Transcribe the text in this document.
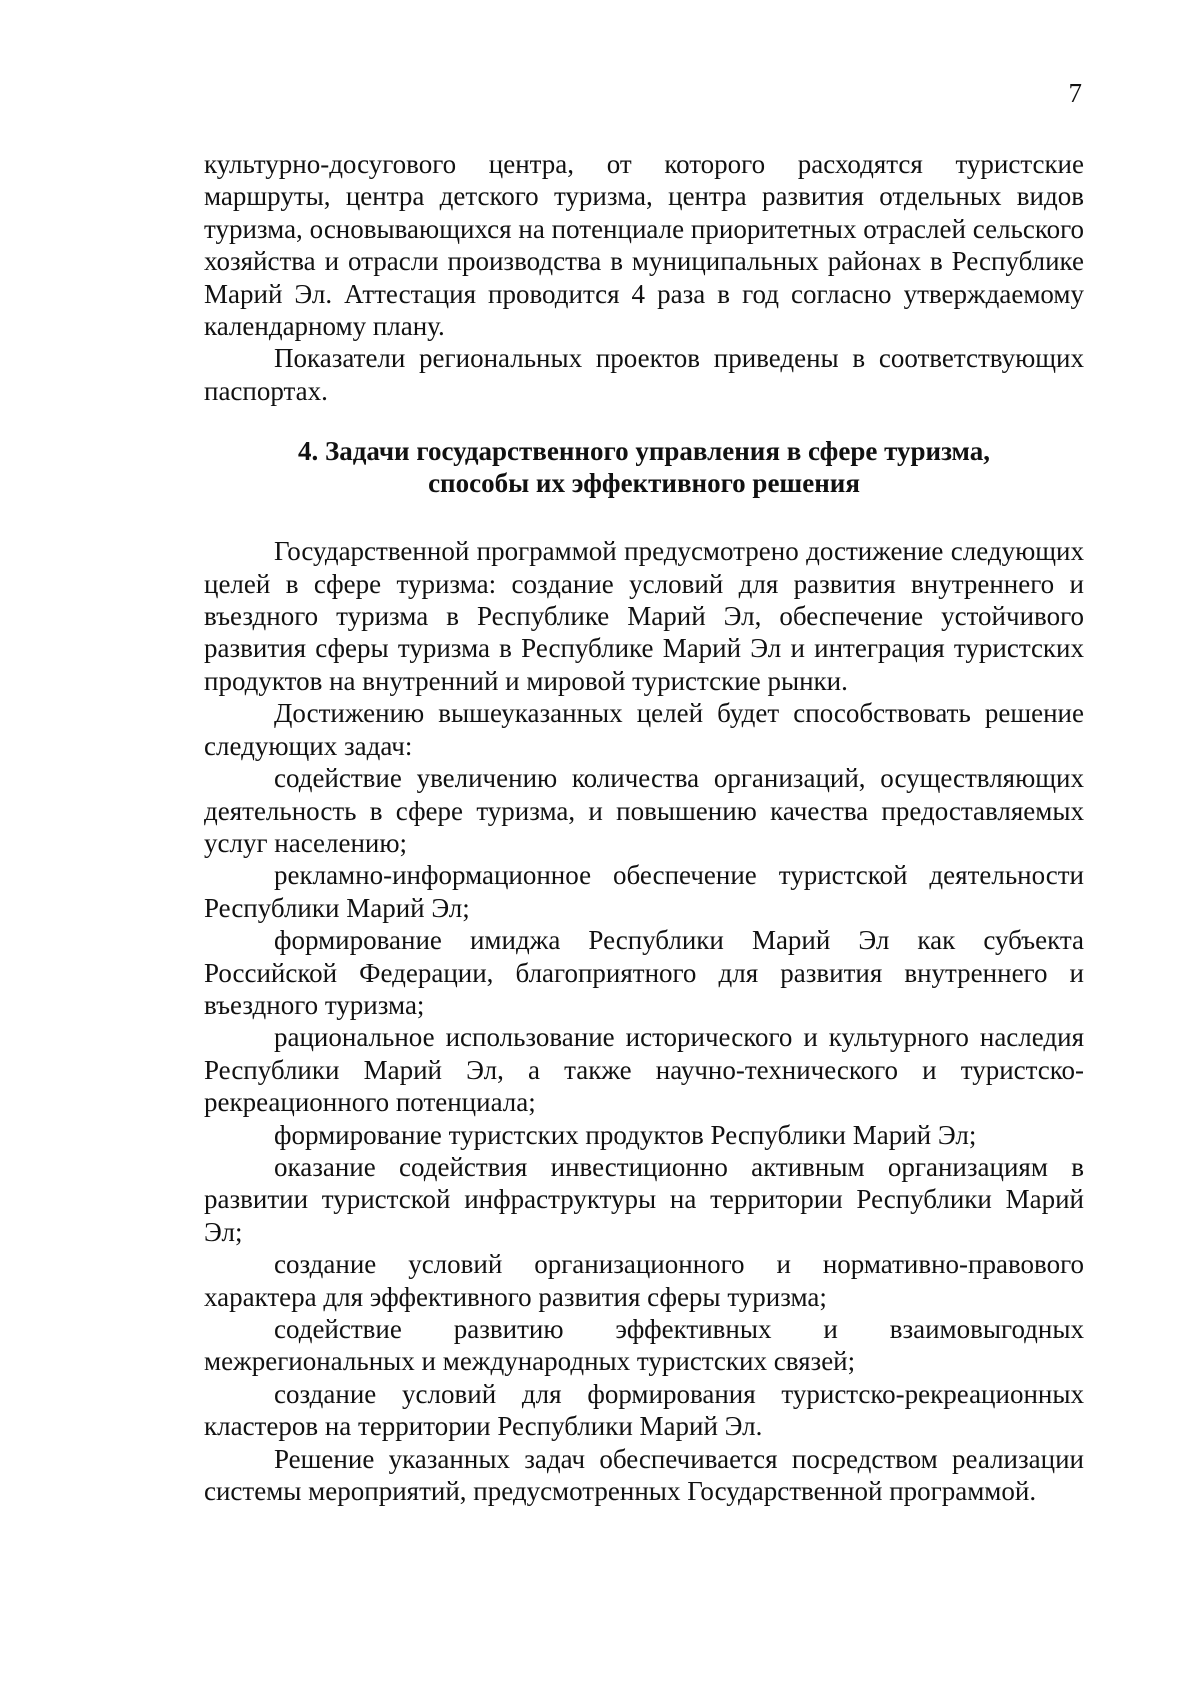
7

культурно-досугового центра, от которого расходятся туристские маршруты, центра детского туризма, центра развития отдельных видов туризма, основывающихся на потенциале приоритетных отраслей сельского хозяйства и отрасли производства в муниципальных районах в Республике Марий Эл. Аттестация проводится 4 раза в год согласно утверждаемому календарному плану.

Показатели региональных проектов приведены в соответствующих паспортах.

4. Задачи государственного управления в сфере туризма,
способы их эффективного решения

Государственной программой предусмотрено достижение следующих целей в сфере туризма: создание условий для развития внутреннего и въездного туризма в Республике Марий Эл, обеспечение устойчивого развития сферы туризма в Республике Марий Эл и интеграция туристских продуктов на внутренний и мировой туристские рынки.

Достижению вышеуказанных целей будет способствовать решение следующих задач:

содействие увеличению количества организаций, осуществляющих деятельность в сфере туризма, и повышению качества предоставляемых услуг населению;

рекламно-информационное обеспечение туристской деятельности Республики Марий Эл;

формирование имиджа Республики Марий Эл как субъекта Российской Федерации, благоприятного для развития внутреннего и въездного туризма;

рациональное использование исторического и культурного наследия Республики Марий Эл, а также научно-технического и туристско-рекреационного потенциала;

формирование туристских продуктов Республики Марий Эл;

оказание содействия инвестиционно активным организациям в развитии туристской инфраструктуры на территории Республики Марий Эл;

создание условий организационного и нормативно-правового характера для эффективного развития сферы туризма;

содействие развитию эффективных и взаимовыгодных межрегиональных и международных туристских связей;

создание условий для формирования туристско-рекреационных кластеров на территории Республики Марий Эл.

Решение указанных задач обеспечивается посредством реализации системы мероприятий, предусмотренных Государственной программой.
